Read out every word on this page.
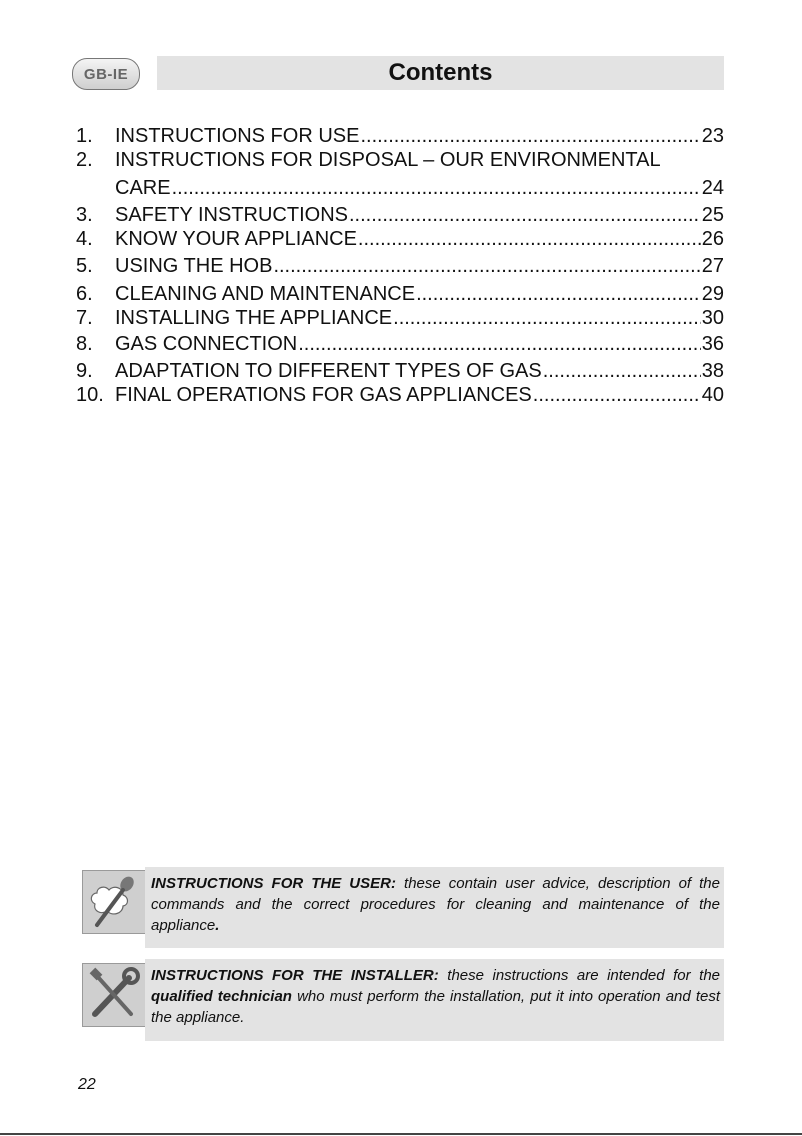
GB-IE	Contents
1.	INSTRUCTIONS FOR USE .....	23
2.	INSTRUCTIONS FOR DISPOSAL – OUR ENVIRONMENTAL
CARE .....	24
3.	SAFETY INSTRUCTIONS .....	25
4.	KNOW YOUR APPLIANCE .....	26
5.	USING THE HOB .....	27
6.	CLEANING AND MAINTENANCE .....	29
7.	INSTALLING THE APPLIANCE .....	30
8.	GAS CONNECTION .....	36
9.	ADAPTATION TO DIFFERENT TYPES OF GAS .....	38
10. FINAL OPERATIONS FOR GAS APPLIANCES .....	40
INSTRUCTIONS FOR THE USER: these contain user advice, description of the commands and the correct procedures for cleaning and maintenance of the appliance.
INSTRUCTIONS FOR THE INSTALLER: these instructions are intended for the qualified technician who must perform the installation, put it into operation and test the appliance.
22
